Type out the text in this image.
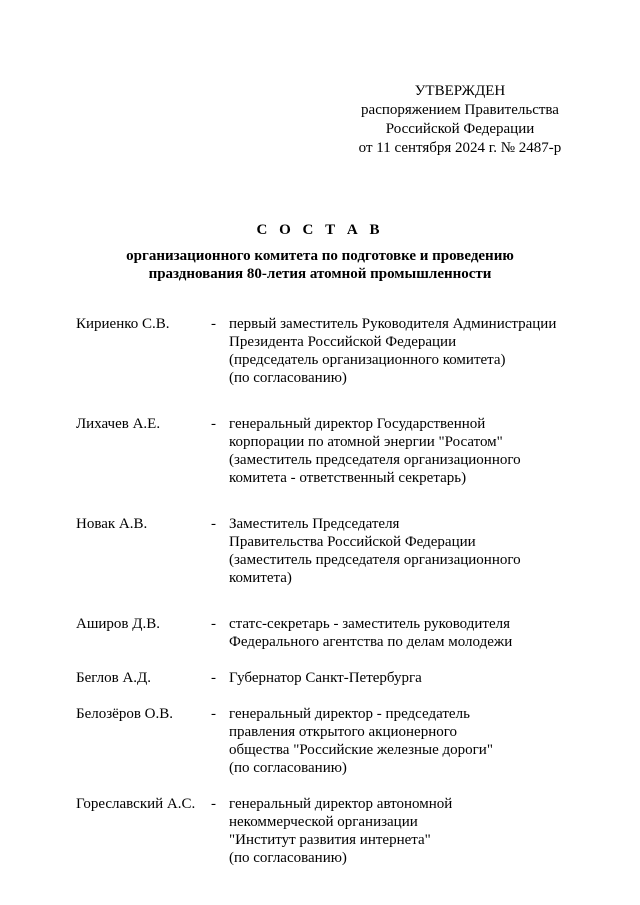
УТВЕРЖДЕН
распоряжением Правительства
Российской Федерации
от 11 сентября 2024 г. № 2487-р
С О С Т А В
организационного комитета по подготовке и проведению
празднования 80-летия атомной промышленности
Кириенко С.В.	- первый заместитель Руководителя Администрации
Президента Российской Федерации
(председатель организационного комитета)
(по согласованию)
Лихачев А.Е.	- генеральный директор Государственной
корпорации по атомной энергии "Росатом"
(заместитель председателя организационного
комитета - ответственный секретарь)
Новак А.В.	- Заместитель Председателя
Правительства Российской Федерации
(заместитель председателя организационного
комитета)
Аширов Д.В.	- статс-секретарь - заместитель руководителя
Федерального агентства по делам молодежи
Беглов А.Д.	- Губернатор Санкт-Петербурга
Белозёров О.В.	- генеральный директор - председатель
правления открытого акционерного
общества "Российские железные дороги"
(по согласованию)
Гореславский А.С.	- генеральный директор автономной
некоммерческой организации
"Институт развития интернета"
(по согласованию)
